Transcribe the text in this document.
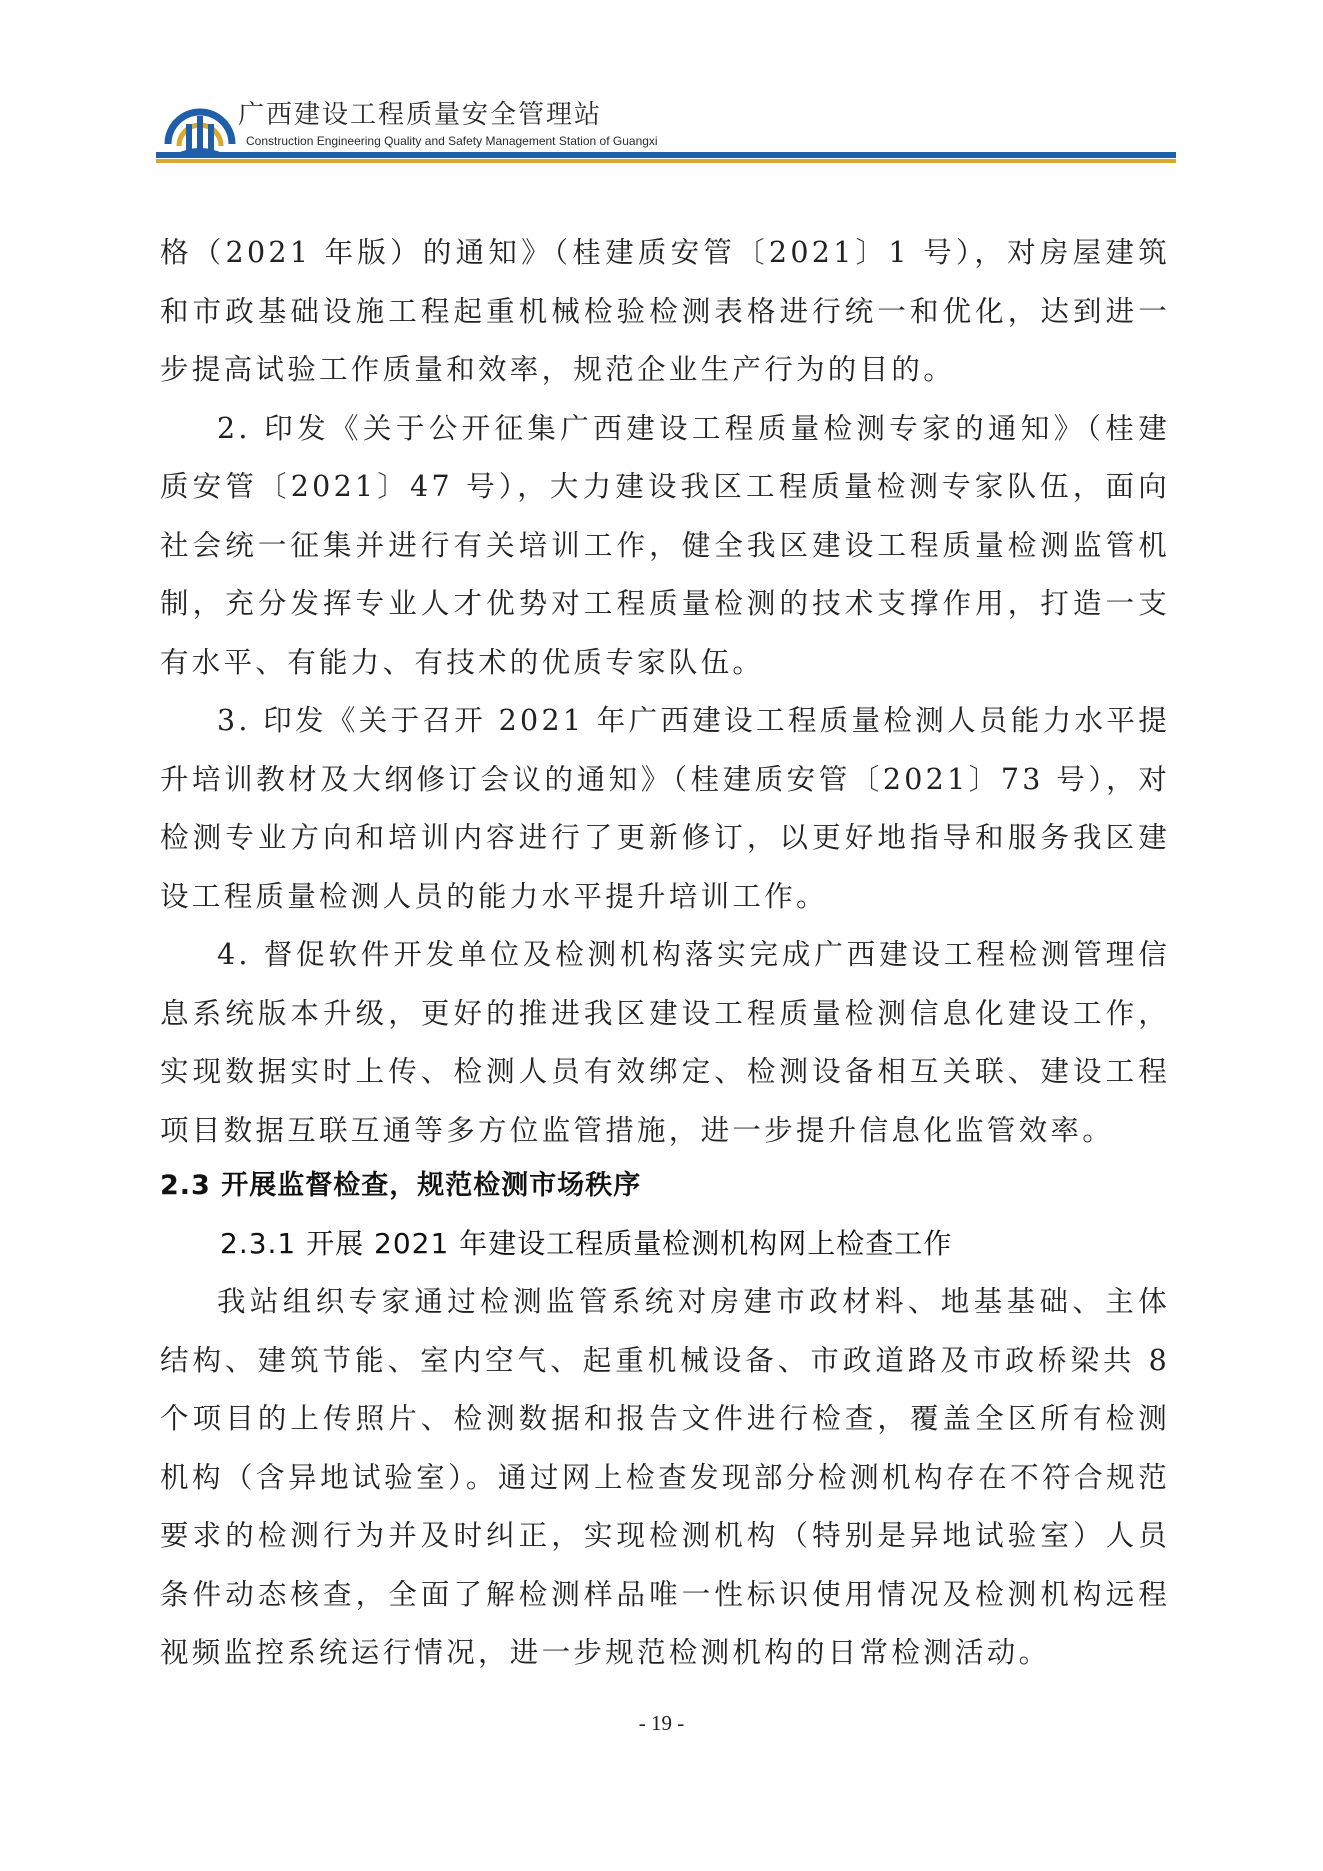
广西建设工程质量安全管理站
Construction Engineering Quality and Safety Management Station of Guangxi

格（2021 年版）的通知》（桂建质安管〔2021〕1 号），对房屋建筑和市政基础设施工程起重机械检验检测表格进行统一和优化，达到进一步提高试验工作质量和效率，规范企业生产行为的目的。

2. 印发《关于公开征集广西建设工程质量检测专家的通知》（桂建质安管〔2021〕47 号），大力建设我区工程质量检测专家队伍，面向社会统一征集并进行有关培训工作，健全我区建设工程质量检测监管机制，充分发挥专业人才优势对工程质量检测的技术支撑作用，打造一支有水平、有能力、有技术的优质专家队伍。

3. 印发《关于召开 2021 年广西建设工程质量检测人员能力水平提升培训教材及大纲修订会议的通知》（桂建质安管〔2021〕73 号），对检测专业方向和培训内容进行了更新修订，以更好地指导和服务我区建设工程质量检测人员的能力水平提升培训工作。

4. 督促软件开发单位及检测机构落实完成广西建设工程检测管理信息系统版本升级，更好的推进我区建设工程质量检测信息化建设工作，实现数据实时上传、检测人员有效绑定、检测设备相互关联、建设工程项目数据互联互通等多方位监管措施，进一步提升信息化监管效率。

2.3 开展监督检查，规范检测市场秩序
2.3.1 开展 2021 年建设工程质量检测机构网上检查工作

我站组织专家通过检测监管系统对房建市政材料、地基基础、主体结构、建筑节能、室内空气、起重机械设备、市政道路及市政桥梁共 8 个项目的上传照片、检测数据和报告文件进行检查，覆盖全区所有检测机构（含异地试验室）。通过网上检查发现部分检测机构存在不符合规范要求的检测行为并及时纠正，实现检测机构（特别是异地试验室）人员条件动态核查，全面了解检测样品唯一性标识使用情况及检测机构远程视频监控系统运行情况，进一步规范检测机构的日常检测活动。

- 19 -
